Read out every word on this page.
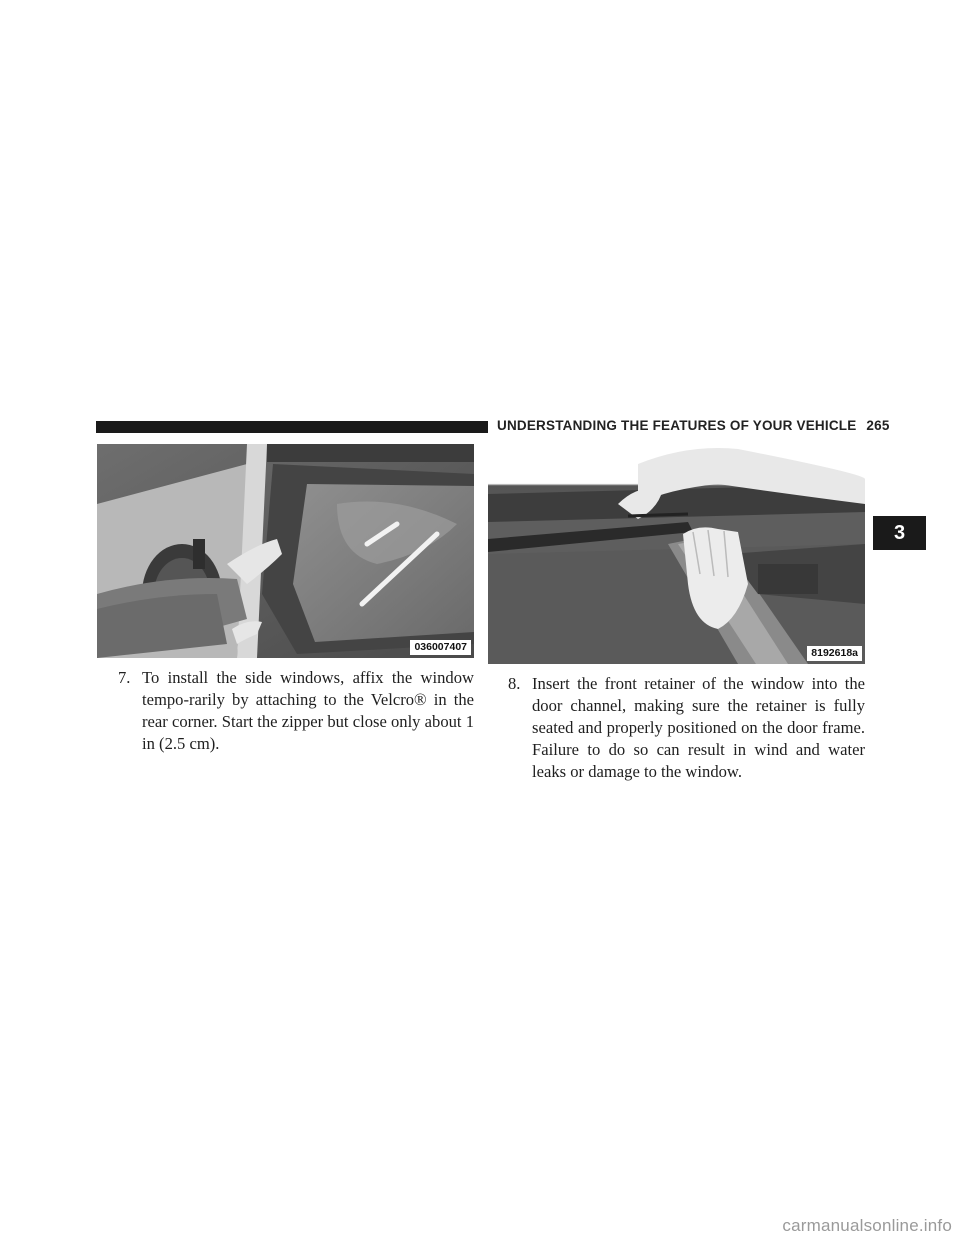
UNDERSTANDING THE FEATURES OF YOUR VEHICLE 265
3
036007407	8192618a
7. To install the side windows, affix the window tempo-rarily by attaching to the Velcro® in the rear corner. Start the zipper but close only about 1 in (2.5 cm).
8. Insert the front retainer of the window into the door channel, making sure the retainer is fully seated and properly positioned on the door frame. Failure to do so can result in wind and water leaks or damage to the window.
carmanualsonline.info
